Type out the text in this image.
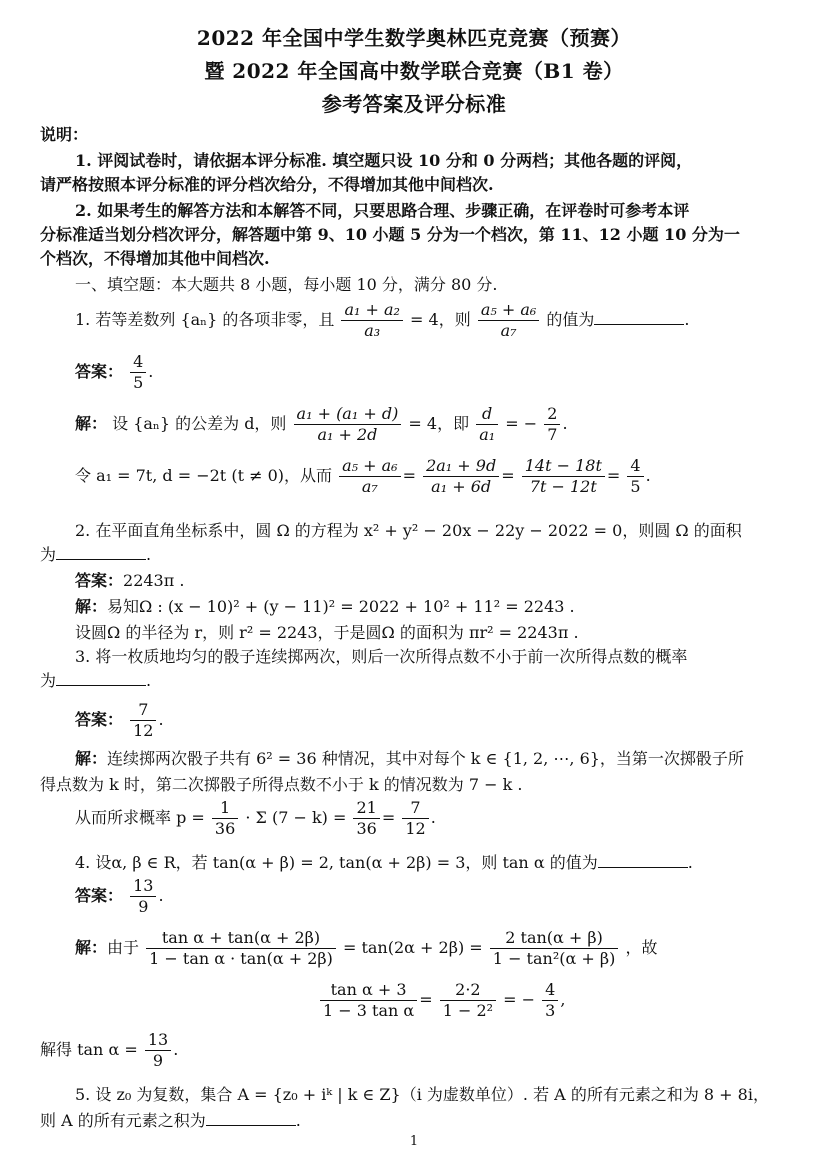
2022 年全国中学生数学奥林匹克竞赛（预赛）
暨 2022 年全国高中数学联合竞赛（B1 卷）
参考答案及评分标准
说明：
1. 评阅试卷时，请依据本评分标准. 填空题只设 10 分和 0 分两档；其他各题的评阅，
请严格按照本评分标准的评分档次给分，不得增加其他中间档次.
2. 如果考生的解答方法和本解答不同，只要思路合理、步骤正确，在评卷时可参考本评
分标准适当划分档次评分，解答题中第 9、10 小题 5 分为一个档次，第 11、12 小题 10 分为一
个档次，不得增加其他中间档次.
一、填空题：本大题共 8 小题，每小题 10 分，满分 80 分.
1. 若等差数列 {aₙ} 的各项非零，且 $\frac{\text{a₁ + a₂}}{\text{a₃}} = 4$，则 $\frac{\text{a₅ + a₆}}{\text{a₇}}$ 的值为	.
答案： $\frac{4}{5}$ .
解： 设 {aₙ} 的公差为 d，则 $\frac{\text{a₁ + (a₁ + d)}}{\text{a₁ + 2d}} = 4$，即 $\frac{d}{\text{a₁}}$ = − $\frac{2}{7}$ .
令 a₁ = 7t, d = −2t (t ≠ 0)，从而 $\frac{\text{a₅ + a₆}}{\text{a₇}} = \frac{\text{2a₁ + 9d}}{\text{a₁ + 6d}} = \frac{14t - 18t}{7t - 12t} = \frac{4}{5}$ .
2. 在平面直角坐标系中，圆 Ω 的方程为 x² + y² − 20x − 22y − 2022 = 0，则圆 Ω 的面积
为	.
答案：2243π .
解：易知Ω : (x − 10)² + (y − 11)² = 2022 + 10² + 11² = 2243 .
设圆Ω 的半径为 r，则 r² = 2243，于是圆Ω 的面积为 πr² = 2243π .
3. 将一枚质地均匀的骰子连续掷两次，则后一次所得点数不小于前一次所得点数的概率
为	.
答案： $\frac{7}{12}$ .
解：连续掷两次骰子共有 6² = 36 种情况，其中对每个 k ∈ {1, 2, ⋯, 6}，当第一次掷骰子所
得点数为 k 时，第二次掷骰子所得点数不小于 k 的情况数为 7 − k .
从而所求概率 $p = \frac{1}{36} \cdot \Sigma$ $(7 - k) = \frac{21}{36} = \frac{7}{12}$ .
4. 设α, β ∈ R，若 tan(α + β) = 2, tan(α + 2β) = 3，则 tan α 的值为	.
答案： $\frac{13}{9}$ .
解：由于 $\frac{\text{tan α + tan(α + 2β)}}{\text{1 − tan α · tan(α + 2β)}} = \tan(2\alpha + 2\beta) = \frac{2 \tan(\alpha + \beta)}{\text{1 − tan²(α + β)}}$ ，故
$\frac{\text{tan α + 3}}{\text{1 − 3 tan α}} = \frac{2\cdot 2}{\text{1 − 2²}}$ = − $\frac{4}{3}$ ,
解得 $\tan \alpha = \frac{13}{9}$ .
5. 设 z₀ 为复数，集合 A = {z₀ + iᵏ | k ∈ Z}（i 为虚数单位）. 若 A 的所有元素之和为 8 + 8i，
则 A 的所有元素之积为	.
1
